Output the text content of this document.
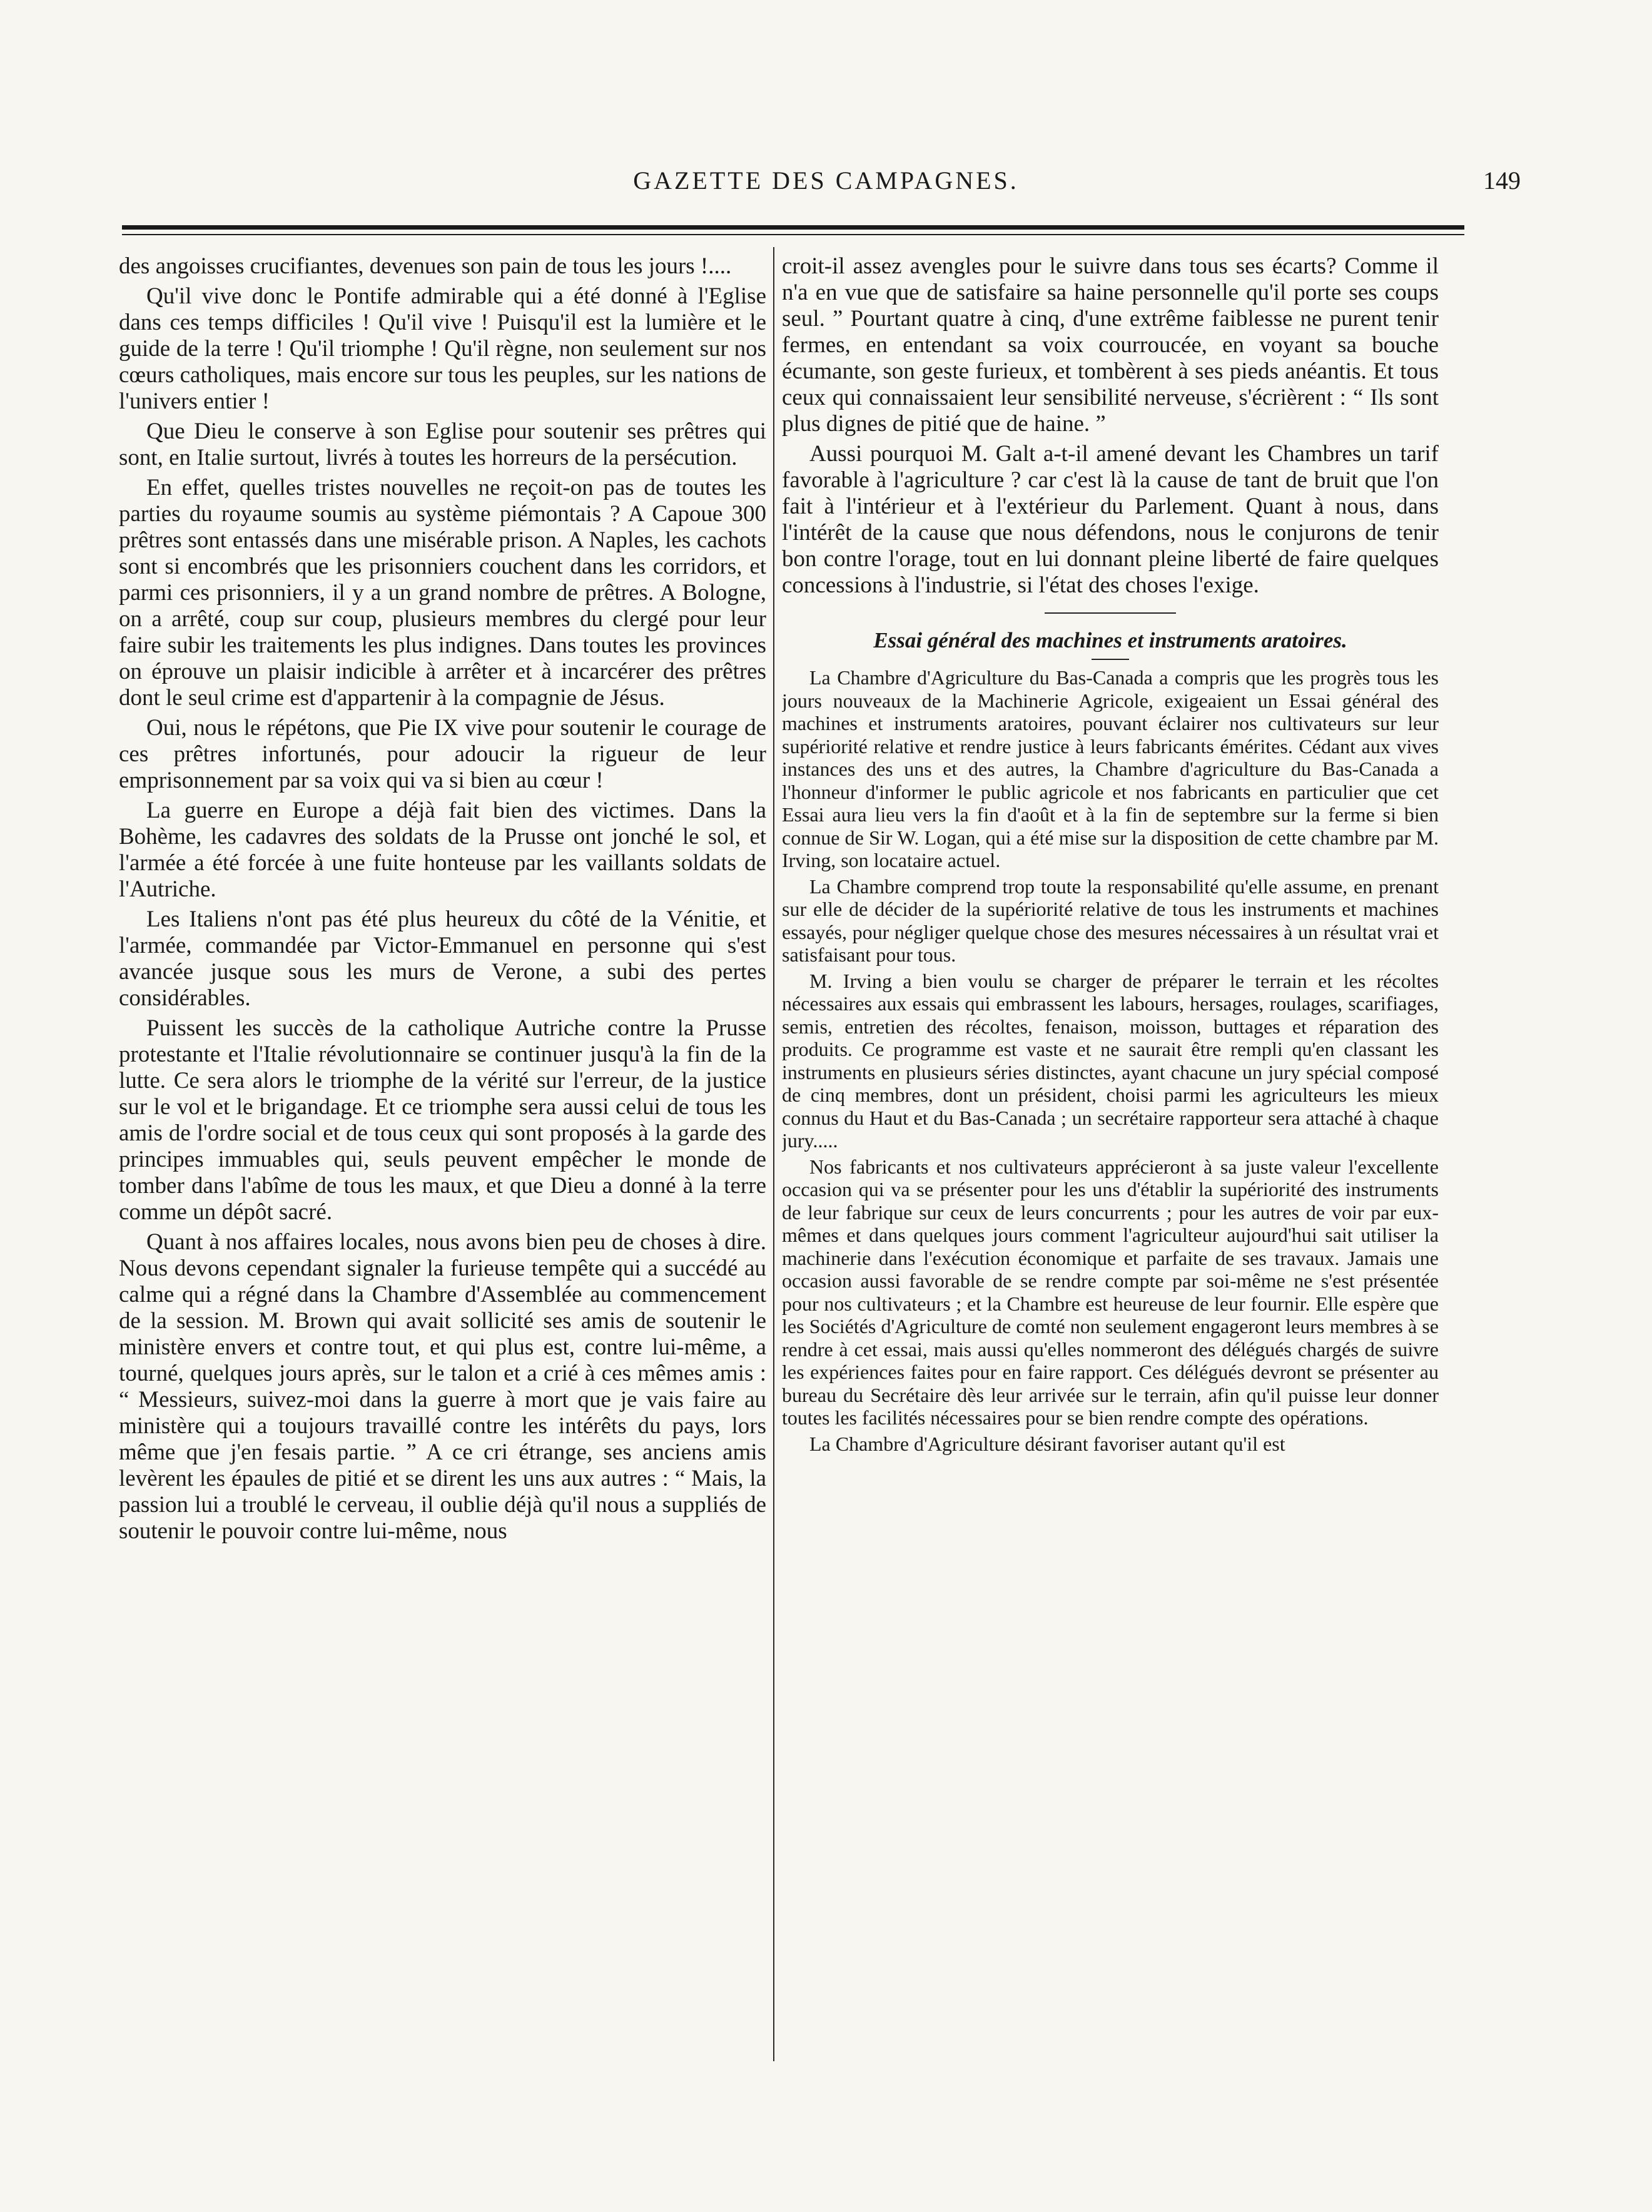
GAZETTE DES CAMPAGNES.	149

des angoisses crucifiantes, devenues son pain de tous les jours !....

Qu'il vive donc le Pontife admirable qui a été donné à l'Eglise dans ces temps difficiles ! Qu'il vive ! Puisqu'il est la lumière et le guide de la terre ! Qu'il triomphe ! Qu'il règne, non seulement sur nos cœurs catholiques, mais encore sur tous les peuples, sur les nations de l'univers entier !

Que Dieu le conserve à son Eglise pour soutenir ses prêtres qui sont, en Italie surtout, livrés à toutes les horreurs de la persécution.

En effet, quelles tristes nouvelles ne reçoit-on pas de toutes les parties du royaume soumis au système piémontais ? A Capoue 300 prêtres sont entassés dans une misérable prison. A Naples, les cachots sont si encombrés que les prisonniers couchent dans les corridors, et parmi ces prisonniers, il y a un grand nombre de prêtres. A Bologne, on a arrêté, coup sur coup, plusieurs membres du clergé pour leur faire subir les traitements les plus indignes. Dans toutes les provinces on éprouve un plaisir indicible à arrêter et à incarcérer des prêtres dont le seul crime est d'appartenir à la compagnie de Jésus.

Oui, nous le répétons, que Pie IX vive pour soutenir le courage de ces prêtres infortunés, pour adoucir la rigueur de leur emprisonnement par sa voix qui va si bien au cœur !

La guerre en Europe a déjà fait bien des victimes. Dans la Bohème, les cadavres des soldats de la Prusse ont jonché le sol, et l'armée a été forcée à une fuite honteuse par les vaillants soldats de l'Autriche.

Les Italiens n'ont pas été plus heureux du côté de la Vénitie, et l'armée, commandée par Victor-Emmanuel en personne qui s'est avancée jusque sous les murs de Verone, a subi des pertes considérables.

Puissent les succès de la catholique Autriche contre la Prusse protestante et l'Italie révolutionnaire se continuer jusqu'à la fin de la lutte. Ce sera alors le triomphe de la vérité sur l'erreur, de la justice sur le vol et le brigandage. Et ce triomphe sera aussi celui de tous les amis de l'ordre social et de tous ceux qui sont proposés à la garde des principes immuables qui, seuls peuvent empêcher le monde de tomber dans l'abîme de tous les maux, et que Dieu a donné à la terre comme un dépôt sacré.

Quant à nos affaires locales, nous avons bien peu de choses à dire. Nous devons cependant signaler la furieuse tempête qui a succédé au calme qui a régné dans la Chambre d'Assemblée au commencement de la session. M. Brown qui avait sollicité ses amis de soutenir le ministère envers et contre tout, et qui plus est, contre lui-même, a tourné, quelques jours après, sur le talon et a crié à ces mêmes amis : “ Messieurs, suivez-moi dans la guerre à mort que je vais faire au ministère qui a toujours travaillé contre les intérêts du pays, lors même que j'en fesais partie. ” A ce cri étrange, ses anciens amis levèrent les épaules de pitié et se dirent les uns aux autres : “ Mais, la passion lui a troublé le cerveau, il oublie déjà qu'il nous a suppliés de soutenir le pouvoir contre lui-même, nous

croit-il assez avengles pour le suivre dans tous ses écarts? Comme il n'a en vue que de satisfaire sa haine personnelle qu'il porte ses coups seul. ” Pourtant quatre à cinq, d'une extrême faiblesse ne purent tenir fermes, en entendant sa voix courroucée, en voyant sa bouche écumante, son geste furieux, et tombèrent à ses pieds anéantis. Et tous ceux qui connaissaient leur sensibilité nerveuse, s'écrièrent : “ Ils sont plus dignes de pitié que de haine. ”

Aussi pourquoi M. Galt a-t-il amené devant les Chambres un tarif favorable à l'agriculture ? car c'est là la cause de tant de bruit que l'on fait à l'intérieur et à l'extérieur du Parlement. Quant à nous, dans l'intérêt de la cause que nous défendons, nous le conjurons de tenir bon contre l'orage, tout en lui donnant pleine liberté de faire quelques concessions à l'industrie, si l'état des choses l'exige.

Essai général des machines et instruments aratoires.

La Chambre d'Agriculture du Bas-Canada a compris que les progrès tous les jours nouveaux de la Machinerie Agricole, exigeaient un Essai général des machines et instruments aratoires, pouvant éclairer nos cultivateurs sur leur supériorité relative et rendre justice à leurs fabricants émérites. Cédant aux vives instances des uns et des autres, la Chambre d'agriculture du Bas-Canada a l'honneur d'informer le public agricole et nos fabricants en particulier que cet Essai aura lieu vers la fin d'août et à la fin de septembre sur la ferme si bien connue de Sir W. Logan, qui a été mise sur la disposition de cette chambre par M. Irving, son locataire actuel.

La Chambre comprend trop toute la responsabilité qu'elle assume, en prenant sur elle de décider de la supériorité relative de tous les instruments et machines essayés, pour négliger quelque chose des mesures nécessaires à un résultat vrai et satisfaisant pour tous.

M. Irving a bien voulu se charger de préparer le terrain et les récoltes nécessaires aux essais qui embrassent les labours, hersages, roulages, scarifiages, semis, entretien des récoltes, fenaison, moisson, buttages et réparation des produits. Ce programme est vaste et ne saurait être rempli qu'en classant les instruments en plusieurs séries distinctes, ayant chacune un jury spécial composé de cinq membres, dont un président, choisi parmi les agriculteurs les mieux connus du Haut et du Bas-Canada ; un secrétaire rapporteur sera attaché à chaque jury.....

Nos fabricants et nos cultivateurs apprécieront à sa juste valeur l'excellente occasion qui va se présenter pour les uns d'établir la supériorité des instruments de leur fabrique sur ceux de leurs concurrents ; pour les autres de voir par eux-mêmes et dans quelques jours comment l'agriculteur aujourd'hui sait utiliser la machinerie dans l'exécution économique et parfaite de ses travaux. Jamais une occasion aussi favorable de se rendre compte par soi-même ne s'est présentée pour nos cultivateurs ; et la Chambre est heureuse de leur fournir. Elle espère que les Sociétés d'Agriculture de comté non seulement engageront leurs membres à se rendre à cet essai, mais aussi qu'elles nommeront des délégués chargés de suivre les expériences faites pour en faire rapport. Ces délégués devront se présenter au bureau du Secrétaire dès leur arrivée sur le terrain, afin qu'il puisse leur donner toutes les facilités nécessaires pour se bien rendre compte des opérations.

La Chambre d'Agriculture désirant favoriser autant qu'il est
